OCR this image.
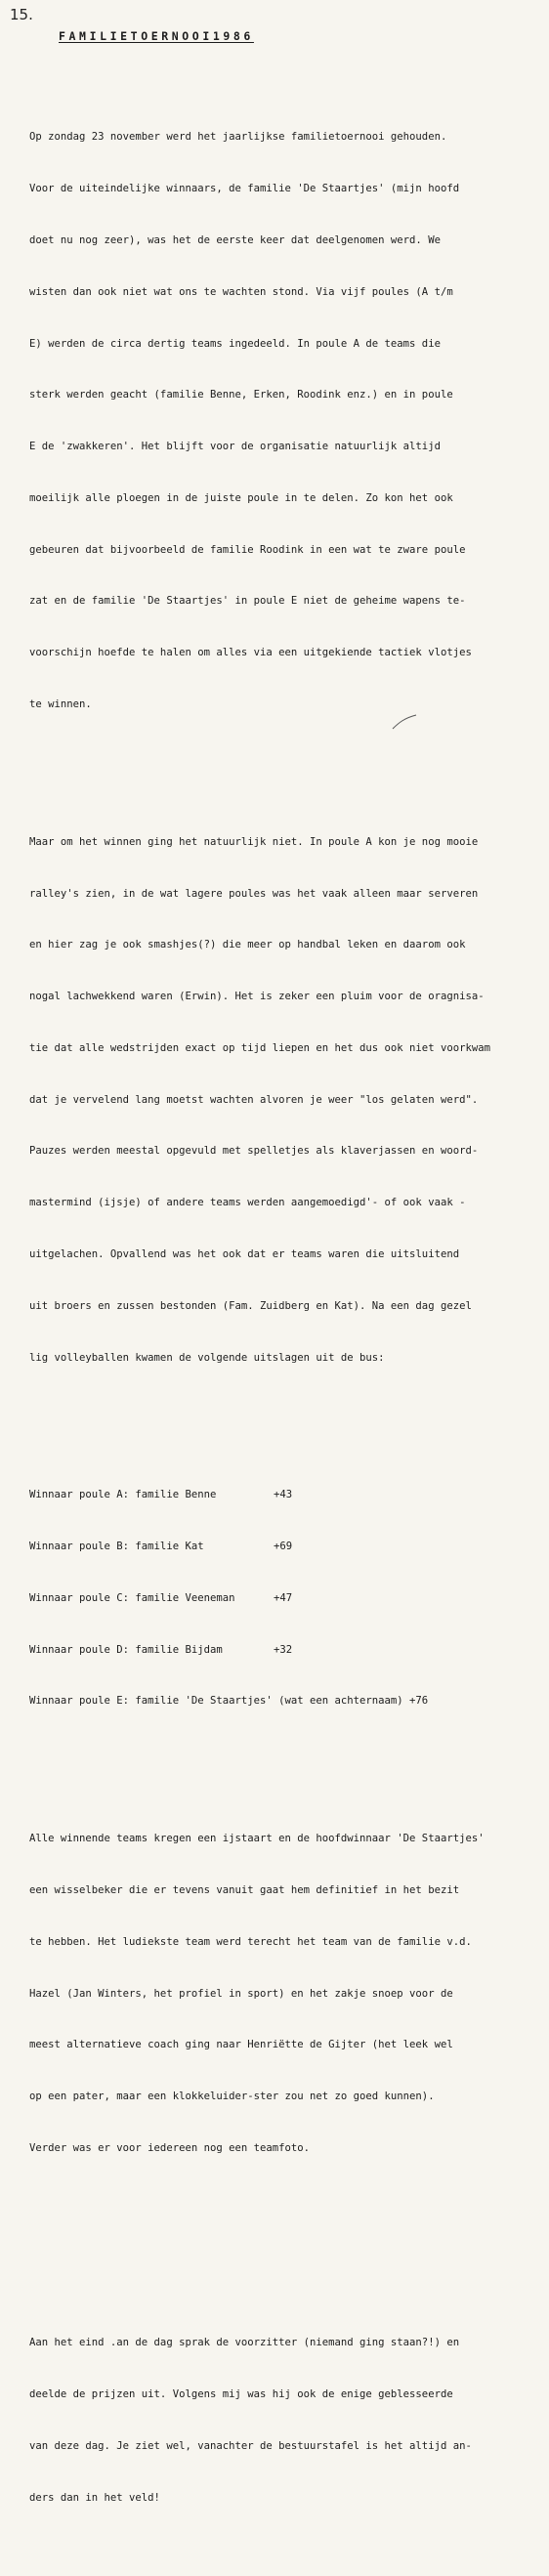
15.
FAMILIETOERNOOI1986

Op zondag 23 november werd het jaarlijkse familietoernooi gehouden.

Voor de uiteindelijke winnaars, de familie 'De Staartjes' (mijn hoofd

doet nu nog zeer), was het de eerste keer dat deelgenomen werd. We

wisten dan ook niet wat ons te wachten stond. Via vijf poules (A t/m

E) werden de circa dertig teams ingedeeld. In poule A de teams die

sterk werden geacht (familie Benne, Erken, Roodink enz.) en in poule

E de 'zwakkeren'. Het blijft voor de organisatie natuurlijk altijd

moeilijk alle ploegen in de juiste poule in te delen. Zo kon het ook

gebeuren dat bijvoorbeeld de familie Roodink in een wat te zware poule

zat en de familie 'De Staartjes' in poule E niet de geheime wapens te-

voorschijn hoefde te halen om alles via een uitgekiende tactiek vlotjes

te winnen.

Maar om het winnen ging het natuurlijk niet. In poule A kon je nog mooie

ralley's zien, in de wat lagere poules was het vaak alleen maar serveren

en hier zag je ook smashjes(?) die meer op handbal leken en daarom ook

nogal lachwekkend waren (Erwin). Het is zeker een pluim voor de oragnisa-

tie dat alle wedstrijden exact op tijd liepen en het dus ook niet voorkwam

dat je vervelend lang moetst wachten alvoren je weer "los gelaten werd".

Pauzes werden meestal opgevuld met spelletjes als klaverjassen en woord-

mastermind (ijsje) of andere teams werden aangemoedigd'- of ook vaak -

uitgelachen. Opvallend was het ook dat er teams waren die uitsluitend

uit broers en zussen bestonden (Fam. Zuidberg en Kat). Na een dag gezel

lig volleyballen kwamen de volgende uitslagen uit de bus:

Winnaar poule A: familie Benne	+43

Winnaar poule B: familie Kat	+69

Winnaar poule C: familie Veeneman	+47

Winnaar poule D: familie Bijdam	+32

Winnaar poule E: familie 'De Staartjes' (wat een achternaam) +76

Alle winnende teams kregen een ijstaart en de hoofdwinnaar 'De Staartjes'

een wisselbeker die er tevens vanuit gaat hem definitief in het bezit

te hebben. Het ludiekste team werd terecht het team van de familie v.d.

Hazel (Jan Winters, het profiel in sport) en het zakje snoep voor de

meest alternatieve coach ging naar Henriëtte de Gijter (het leek wel

op een pater, maar een klokkeluider-ster zou net zo goed kunnen).

Verder was er voor iedereen nog een teamfoto.

Aan het eind .an de dag sprak de voorzitter (niemand ging staan?!) en

deelde de prijzen uit. Volgens mij was hij ook de enige geblesseerde

van deze dag. Je ziet wel, vanachter de bestuurstafel is het altijd an-

ders dan in het veld!
